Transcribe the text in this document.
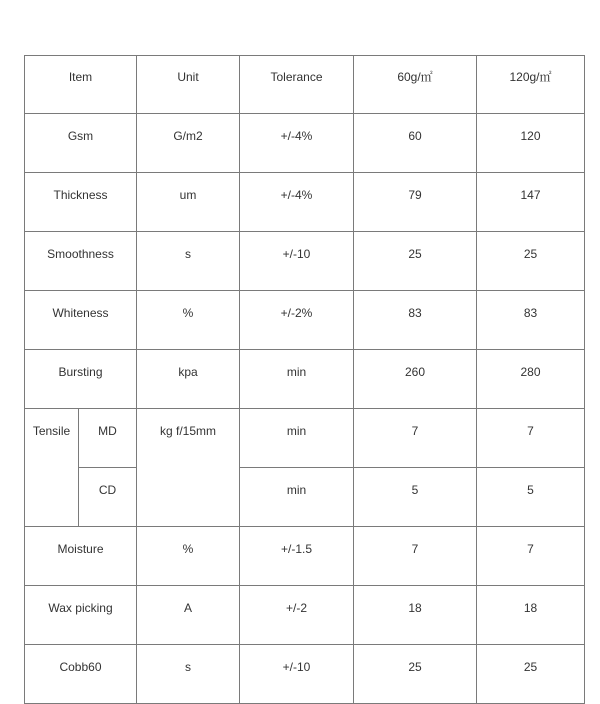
Item		Unit	Tolerance	60g/㎡	120g/㎡
Gsm		G/m2	+/-4%	60	120
Thickness		um	+/-4%	79	147
Smoothness		s	+/-10	25	25
Whiteness		%	+/-2%	83	83
Bursting		kpa	min	260	280
Tensile	MD	kg f/15mm	min	7	7
	CD		min	5	5
Moisture		%	+/-1.5	7	7
Wax picking		A	+/-2	18	18
Cobb60		s	+/-10	25	25
